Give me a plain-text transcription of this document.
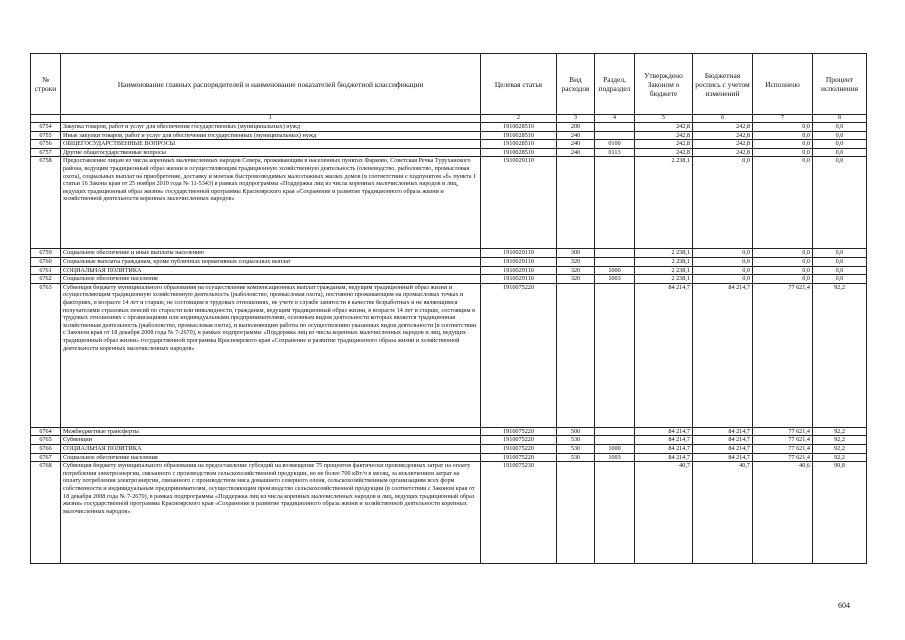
№ строки	Наименование главных распорядителей и наименование показателей бюджетной классификации	Целевая статья	Вид расходов	Раздел, подраздел	Утверждено Законом о бюджете	Бюджетная роспись с учетом изменений	Исполнено	Процент исполнения
	1	2	3	4	5	6	7	8
6754	Закупка товаров, работ и услуг для обеспечения государственных (муниципальных) нужд	1910028510	200		242,8	242,8	0,0	0,0
6755	Иные закупки товаров, работ и услуг для обеспечения государственных (муниципальных) нужд	1910028510	240		242,8	242,8	0,0	0,0
6756	ОБЩЕГОСУДАРСТВЕННЫЕ ВОПРОСЫ	1910028510	240	0100	242,8	242,8	0,0	0,0
6757	Другие общегосударственные вопросы	1910028510	240	0113	242,8	242,8	0,0	0,0
6758	Предоставление лицам из числа коренных малочисленных народов Севера, проживающим в населенных пунктах Фарково, Советская Речка Туруханского района, ведущим традиционный образ жизни и осуществляющим традиционную хозяйственную деятельность (оленеводство, рыболовство, промысловая охота), социальных выплат на приобретение, доставку и монтаж быстровозводимых малоэтажных жилых домов (в соответствии с подпунктом «б» пункта 1 статьи 16 Закона края от 25 ноября 2010 года № 11-5343) в рамках подпрограммы «Поддержка лиц из числа коренных малочисленных народов и лиц, ведущих традиционный образ жизни» государственной программы Красноярского края «Сохранение и развитие традиционного образа жизни и хозяйственной деятельности коренных малочисленных народов»	1910029110			2 238,1	0,0	0,0	0,0
6759	Социальное обеспечение и иные выплаты населению	1910029110	300		2 238,1	0,0	0,0	0,0
6760	Социальные выплаты гражданам, кроме публичных нормативных социальных выплат	1910029110	320		2 238,1	0,0	0,0	0,0
6761	СОЦИАЛЬНАЯ ПОЛИТИКА	1910029110	320	1000	2 238,1	0,0	0,0	0,0
6762	Социальное обеспечение населения	1910029110	320	1003	2 238,1	0,0	0,0	0,0
6763	Субвенция бюджету муниципального образования на осуществление компенсационных выплат гражданам, ведущим традиционный образ жизни и осуществляющим традиционную хозяйственную деятельность (рыболовство, промысловая охота), постоянно проживающим на промысловых точках и факториях, в возрасте 14 лет и старше, не состоящим в трудовых отношениях, не учете в службе занятости в качестве безработных и не являющимся получателями страховых пенсий по старости или инвалидности, гражданам, ведущим традиционный образ жизни, в возрасте 14 лет и старше, состоящим в трудовых отношениях с организациями или индивидуальными предпринимателями, основным видом деятельности которых является традиционная хозяйственная деятельность (рыболовство, промысловая охота), и выполняющим работы по осуществлению указанных видов деятельности (в соответствии с Законом края от 18 декабря 2008 года № 7-2670), в рамках подпрограммы «Поддержка лиц из числа коренных малочисленных народов и лиц, ведущих традиционный образ жизни» государственной программы Красноярского края «Сохранение и развитие традиционного образа жизни и хозяйственной деятельности коренных малочисленных народов»	1910075220			84 214,7	84 214,7	77 621,4	92,2
6764	Межбюджетные трансферты	1910075220	500		84 214,7	84 214,7	77 621,4	92,2
6765	Субвенции	1910075220	530		84 214,7	84 214,7	77 621,4	92,2
6766	СОЦИАЛЬНАЯ ПОЛИТИКА	1910075220	530	1000	84 214,7	84 214,7	77 621,4	92,2
6767	Социальное обеспечение населения	1910075220	530	1003	84 214,7	84 214,7	77 621,4	92,2
6768	Субвенция бюджету муниципального образования на предоставление субсидий на возмещение 75 процентов фактически произведенных затрат на оплату потребления электроэнергии, связанного с производством сельскохозяйственной продукции, но не более 700 кВт/ч в месяц, за исключением затрат на оплату потребления электроэнергии, связанного с производством мяса домашнего северного оленя, сельскохозяйственным организациям всех форм собственности и индивидуальным предпринимателям, осуществляющим производство сельскохозяйственной продукции (в соответствии с Законом края от 18 декабря 2008 года № 7-2670), в рамках подпрограммы «Поддержка лиц из числа коренных малочисленных народов и лиц, ведущих традиционный образ жизни» государственной программы Красноярского края «Сохранение и развитие традиционного образа жизни и хозяйственной деятельности коренных малочисленных народов»	1910075230			40,7	40,7	40,6	99,8
604
